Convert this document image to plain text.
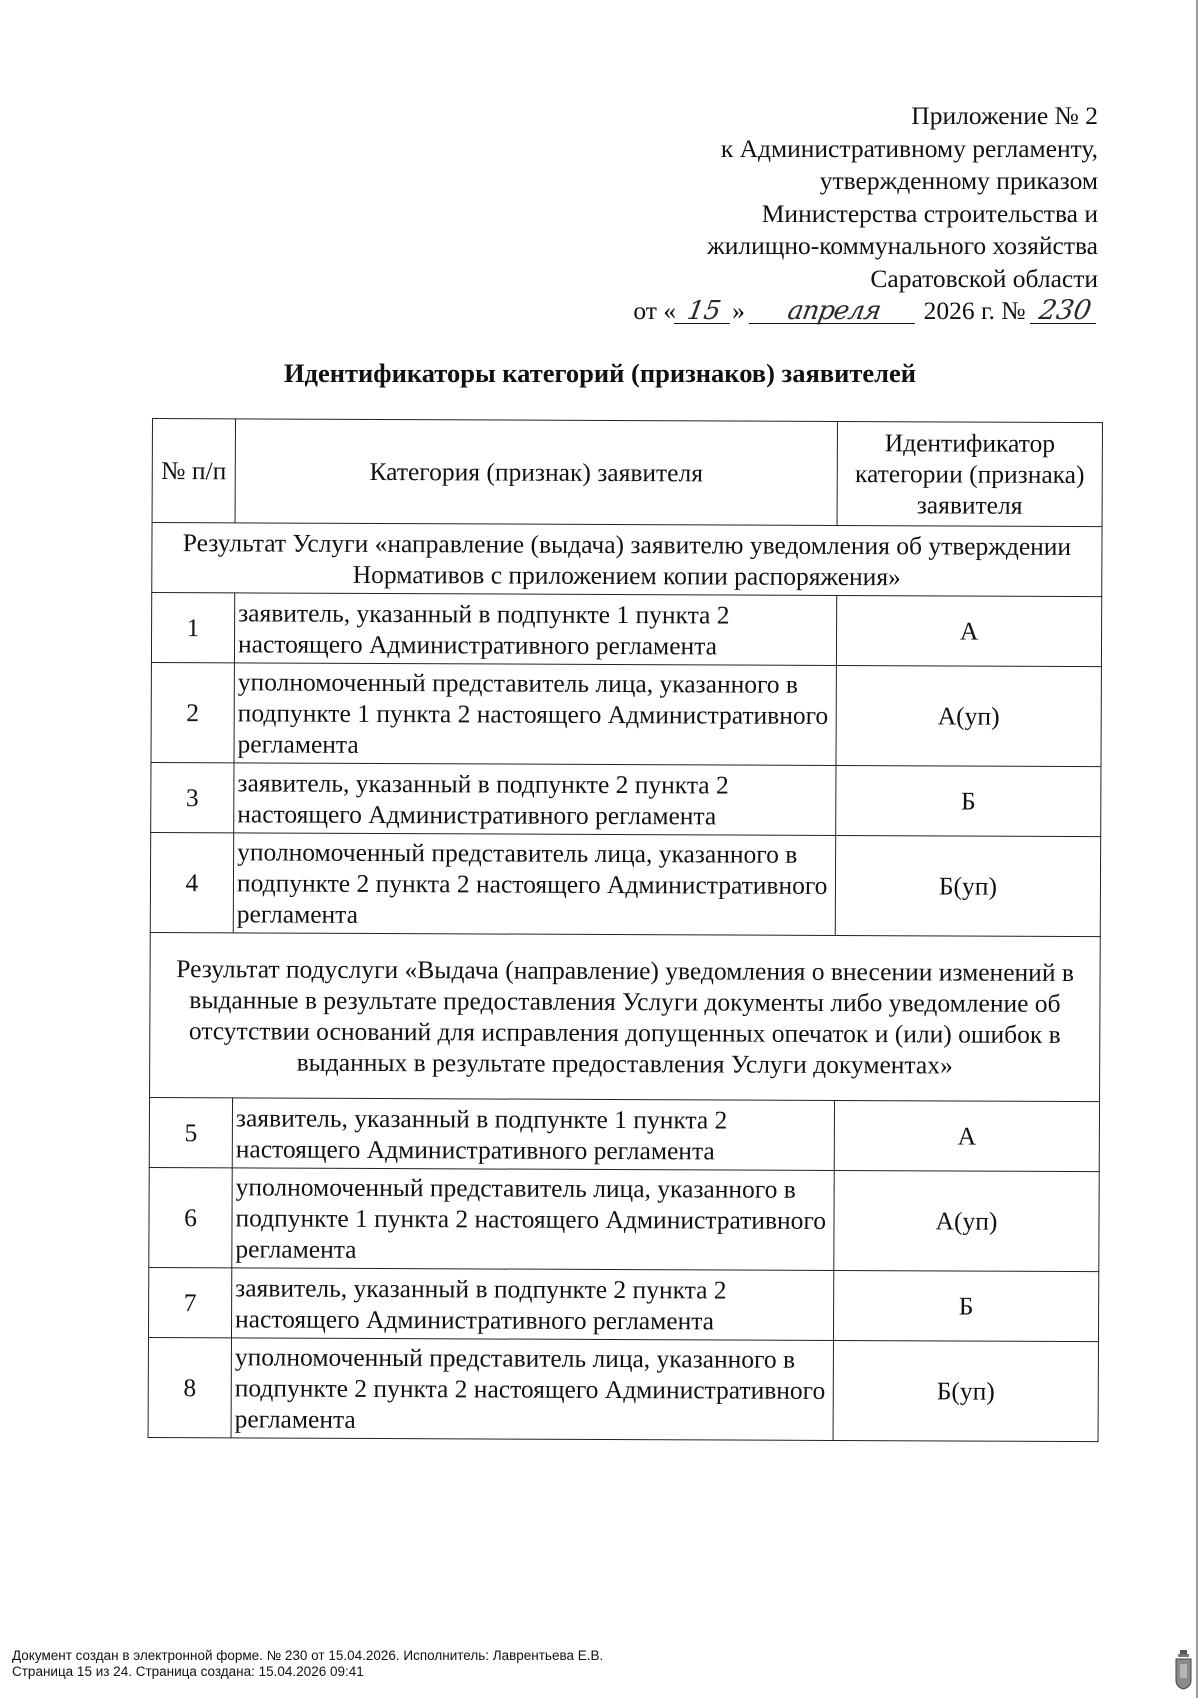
Приложение № 2
к Административному регламенту,
утвержденному приказом
Министерства строительства и
жилищно-коммунального хозяйства
Саратовской области
от « 15 » апреля 2026 г. № 230
Идентификаторы категорий (признаков) заявителей
№ п/п	Категория (признак) заявителя	Идентификатор категории (признака) заявителя
Результат Услуги «направление (выдача) заявителю уведомления об утверждении Нормативов с приложением копии распоряжения»		
1	заявитель, указанный в подпункте 1 пункта 2 настоящего Административного регламента	А
2	уполномоченный представитель лица, указанного в подпункте 1 пункта 2 настоящего Административного регламента	А(уп)
3	заявитель, указанный в подпункте 2 пункта 2 настоящего Административного регламента	Б
4	уполномоченный представитель лица, указанного в подпункте 2 пункта 2 настоящего Административного регламента	Б(уп)
Результат подуслуги «Выдача (направление) уведомления о внесении изменений в выданные в результате предоставления Услуги документы либо уведомление об отсутствии оснований для исправления допущенных опечаток и (или) ошибок в выданных в результате предоставления Услуги документах»		
5	заявитель, указанный в подпункте 1 пункта 2 настоящего Административного регламента	А
6	уполномоченный представитель лица, указанного в подпункте 1 пункта 2 настоящего Административного регламента	А(уп)
7	заявитель, указанный в подпункте 2 пункта 2 настоящего Административного регламента	Б
8	уполномоченный представитель лица, указанного в подпункте 2 пункта 2 настоящего Административного регламента	Б(уп)
Документ создан в электронной форме. № 230 от 15.04.2026. Исполнитель: Лаврентьева Е.В.
Страница 15 из 24. Страница создана: 15.04.2026 09:41
